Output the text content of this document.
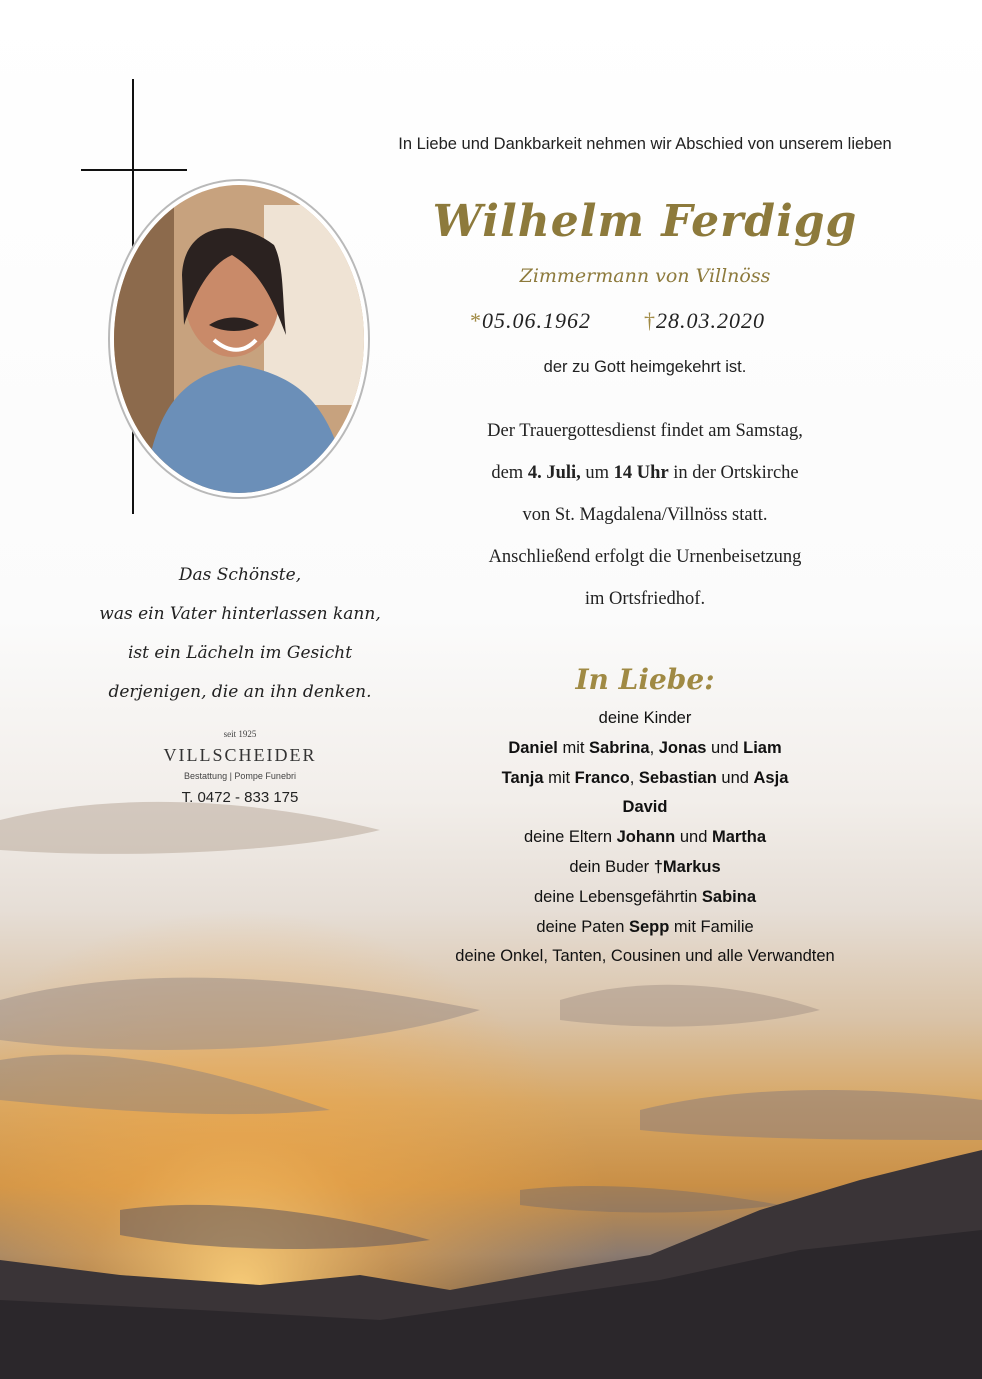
In Liebe und Dankbarkeit nehmen wir Abschied von unserem lieben
Wilhelm Ferdigg
Zimmermann von Villnöss
*05.06.1962 †28.03.2020
der zu Gott heimgekehrt ist.
Der Trauergottesdienst findet am Samstag,
dem 4. Juli, um 14 Uhr in der Ortskirche
von St. Magdalena/Villnöss statt.
Anschließend erfolgt die Urnenbeisetzung
im Ortsfriedhof.
In Liebe:
deine Kinder
Daniel mit Sabrina, Jonas und Liam
Tanja mit Franco, Sebastian und Asja
David
deine Eltern Johann und Martha
dein Buder †Markus
deine Lebensgefährtin Sabina
deine Paten Sepp mit Familie
deine Onkel, Tanten, Cousinen und alle Verwandten
Das Schönste,
was ein Vater hinterlassen kann,
ist ein Lächeln im Gesicht
derjenigen, die an ihn denken.
seit 1925
VILLSCHEIDER
Bestattung | Pompe Funebri
T. 0472 - 833 175
